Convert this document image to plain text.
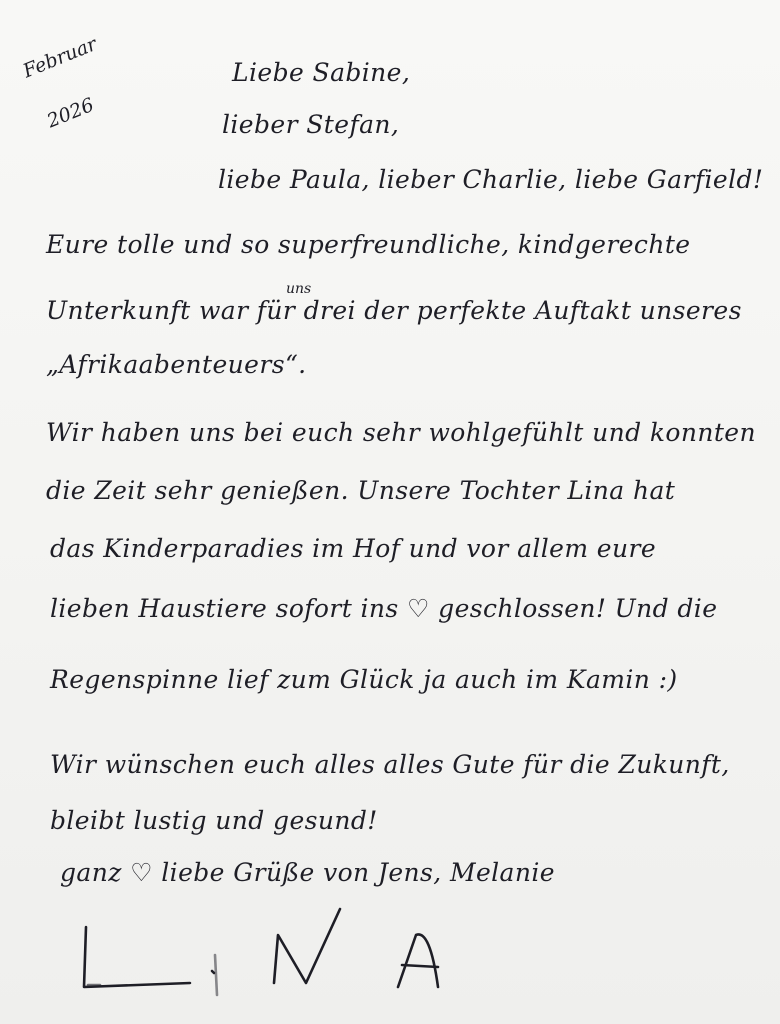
Februar
2026
Liebe Sabine,
lieber Stefan,
liebe Paula, lieber Charlie, liebe Garfield!
Eure tolle und so superfreundliche, kindgerechte
uns
Unterkunft war für drei der perfekte Auftakt unseres
„Afrikaabenteuers“.
Wir haben uns bei euch sehr wohlgefühlt und konnten
die Zeit sehr genießen. Unsere Tochter Lina hat
das Kinderparadies im Hof und vor allem eure
lieben Haustiere sofort ins ♡ geschlossen! Und die
Regenspinne lief zum Glück ja auch im Kamin :)
Wir wünschen euch alles alles Gute für die Zukunft,
bleibt lustig und gesund!
ganz ♡ liebe Grüße von Jens, Melanie
